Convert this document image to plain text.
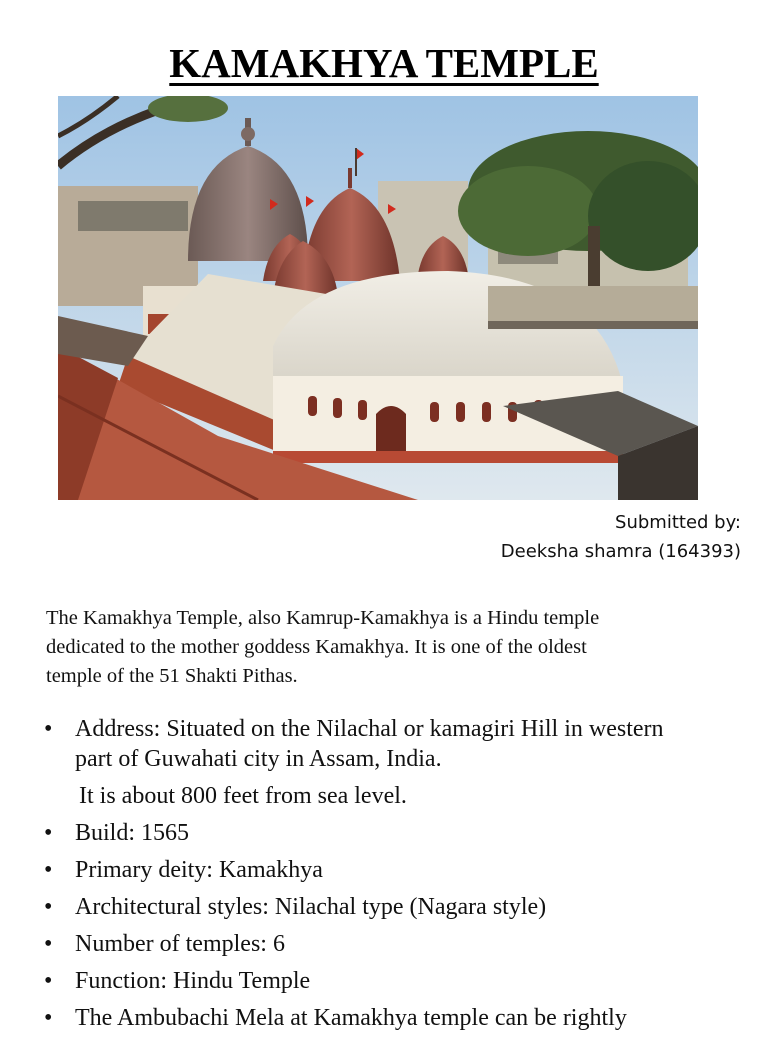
KAMAKHYA TEMPLE
Submitted by:
Deeksha shamra (164393)
The Kamakhya Temple, also Kamrup-Kamakhya is a Hindu temple
dedicated to the mother goddess Kamakhya. It is one of the oldest
temple of the 51 Shakti Pithas.
• Address: Situated on the Nilachal or kamagiri Hill in western
part of Guwahati city in Assam, India.
It is about 800 feet from sea level.
• Build: 1565
• Primary deity: Kamakhya
• Architectural styles: Nilachal type (Nagara style)
• Number of temples: 6
• Function: Hindu Temple
• The Ambubachi Mela at Kamakhya temple can be rightly
